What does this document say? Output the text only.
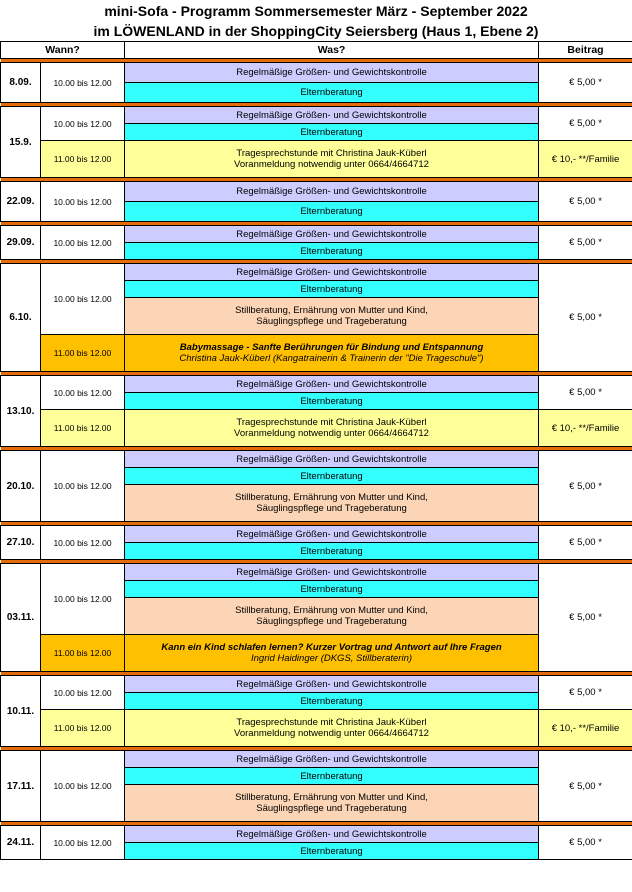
mini-Sofa - Programm Sommersemester März - September 2022
im LÖWENLAND in der ShoppingCity Seiersberg (Haus 1, Ebene 2)
Wann?		Was?	Beitrag

8.09.	10.00 bis 12.00	Regelmäßige Größen- und Gewichtskontrolle	€ 5,00 *
		Elternberatung	

15.9.	10.00 bis 12.00	Regelmäßige Größen- und Gewichtskontrolle	€ 5,00 *
		Elternberatung	
	11.00 bis 12.00	Tragesprechstunde mit Christina Jauk-Küberl
Voranmeldung notwendig unter 0664/4664712	€ 10,- **/Familie

22.09.	10.00 bis 12.00	Regelmäßige Größen- und Gewichtskontrolle	€ 5,00 *
		Elternberatung	

29.09.	10.00 bis 12.00	Regelmäßige Größen- und Gewichtskontrolle	€ 5,00 *
		Elternberatung	

6.10.	10.00 bis 12.00	Regelmäßige Größen- und Gewichtskontrolle	€ 5,00 *
		Elternberatung	

		Stillberatung, Ernährung von Mutter und Kind,
Säuglingspflege und Trageberatung	

	11.00 bis 12.00	Babymassage - Sanfte Berührungen für Bindung und Entspannung
Christina Jauk-Küberl (Kangatrainerin & Trainerin der "Die Trageschule")	

13.10.	10.00 bis 12.00	Regelmäßige Größen- und Gewichtskontrolle	€ 5,00 *
		Elternberatung	
	11.00 bis 12.00	Tragesprechstunde mit Christina Jauk-Küberl
Voranmeldung notwendig unter 0664/4664712	€ 10,- **/Familie

20.10.	10.00 bis 12.00	Regelmäßige Größen- und Gewichtskontrolle	€ 5,00 *
		Elternberatung	

		Stillberatung, Ernährung von Mutter und Kind,
Säuglingspflege und Trageberatung	

27.10.	10.00 bis 12.00	Regelmäßige Größen- und Gewichtskontrolle	€ 5,00 *
		Elternberatung	

03.11.	10.00 bis 12.00	Regelmäßige Größen- und Gewichtskontrolle	€ 5,00 *
		Elternberatung	

		Stillberatung, Ernährung von Mutter und Kind,
Säuglingspflege und Trageberatung	

	11.00 bis 12.00	Kann ein Kind schlafen lernen? Kurzer Vortrag und Antwort auf Ihre Fragen
Ingrid Haidinger (DKGS, Stillberaterin)	

10.11.	10.00 bis 12.00	Regelmäßige Größen- und Gewichtskontrolle	€ 5,00 *
		Elternberatung	
	11.00 bis 12.00	Tragesprechstunde mit Christina Jauk-Küberl
Voranmeldung notwendig unter 0664/4664712	€ 10,- **/Familie

17.11.	10.00 bis 12.00	Regelmäßige Größen- und Gewichtskontrolle	€ 5,00 *
		Elternberatung	

		Stillberatung, Ernährung von Mutter und Kind,
Säuglingspflege und Trageberatung	

24.11.	10.00 bis 12.00	Regelmäßige Größen- und Gewichtskontrolle	€ 5,00 *
		Elternberatung	
